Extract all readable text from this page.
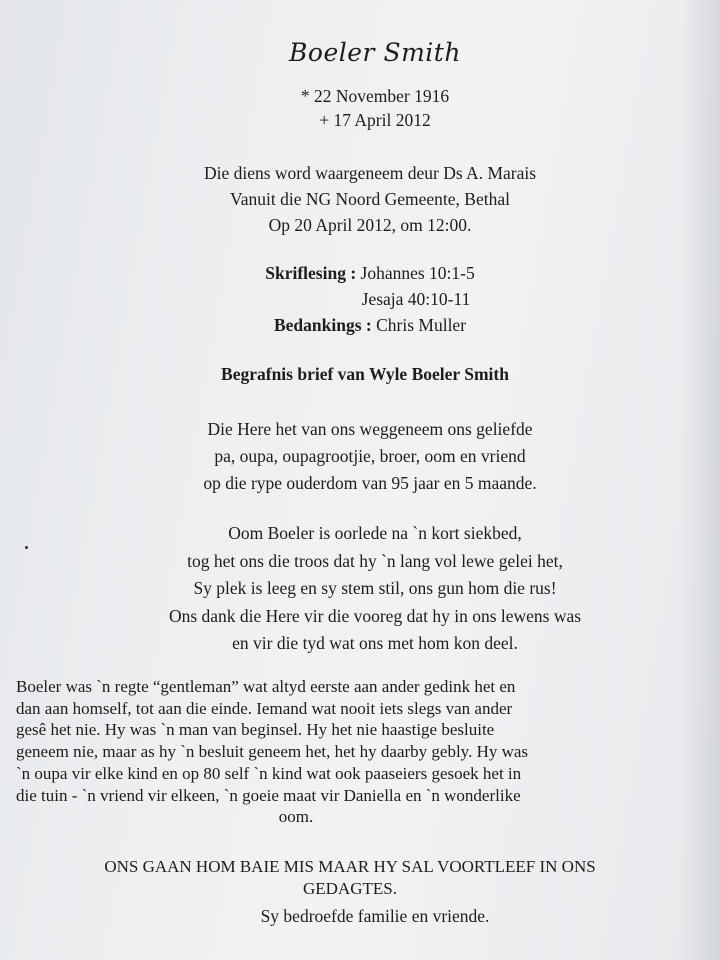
Boeler Smith
* 22 November 1916
+ 17 April 2012
Die diens word waargeneem deur Ds A. Marais
Vanuit die NG Noord Gemeente, Bethal
Op 20 April 2012, om 12:00.
Skriflesing : Johannes 10:1-5
Jesaja 40:10-11
Bedankings : Chris Muller
Begrafnis brief van Wyle Boeler Smith
Die Here het van ons weggeneem ons geliefde
pa, oupa, oupagrootjie, broer, oom en vriend
op die rype ouderdom van 95 jaar en 5 maande.
Oom Boeler is oorlede na `n kort siekbed,
tog het ons die troos dat hy `n lang vol lewe gelei het,
Sy plek is leeg en sy stem stil, ons gun hom die rus!
Ons dank die Here vir die vooreg dat hy in ons lewens was
en vir die tyd wat ons met hom kon deel.
Boeler was `n regte “gentleman” wat altyd eerste aan ander gedink het en
dan aan homself, tot aan die einde. Iemand wat nooit iets slegs van ander
gesê het nie. Hy was `n man van beginsel. Hy het nie haastige besluite
geneem nie, maar as hy `n besluit geneem het, het hy daarby gebly. Hy was
`n oupa vir elke kind en op 80 self `n kind wat ook paaseiers gesoek het in
die tuin - `n vriend vir elkeen, `n goeie maat vir Daniella en `n wonderlike
oom.
ONS GAAN HOM BAIE MIS MAAR HY SAL VOORTLEEF IN ONS
GEDAGTES.
Sy bedroefde familie en vriende.
